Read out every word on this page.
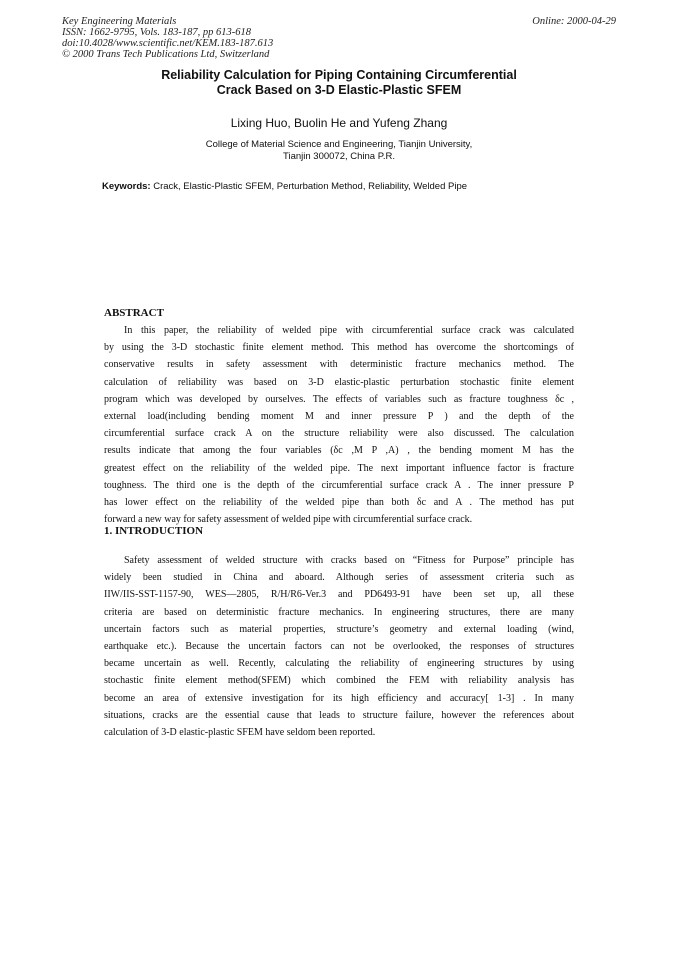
Key Engineering Materials
ISSN: 1662-9795, Vols. 183-187, pp 613-618
doi:10.4028/www.scientific.net/KEM.183-187.613
© 2000 Trans Tech Publications Ltd, Switzerland
Online: 2000-04-29
Reliability Calculation for Piping Containing Circumferential
Crack Based on 3-D Elastic-Plastic SFEM
Lixing Huo, Buolin He and Yufeng Zhang
College of Material Science and Engineering, Tianjin University,
Tianjin 300072, China P.R.
Keywords: Crack, Elastic-Plastic SFEM, Perturbation Method, Reliability, Welded Pipe
ABSTRACT
In this paper, the reliability of welded pipe with circumferential surface crack was calculated
by using the 3-D stochastic finite element method. This method has overcome the shortcomings of
conservative results in safety assessment with deterministic fracture mechanics method. The
calculation of reliability was based on 3-D elastic-plastic perturbation stochastic finite element
program which was developed by ourselves. The effects of variables such as fracture toughness δc ,
external load(including bending moment M and inner pressure P ) and the depth of the
circumferential surface crack A on the structure reliability were also discussed. The calculation
results indicate that among the four variables (δc ,M P ,A) , the bending moment M has the
greatest effect on the reliability of the welded pipe. The next important influence factor is fracture
toughness. The third one is the depth of the circumferential surface crack A . The inner pressure P
has lower effect on the reliability of the welded pipe than both δc and A . The method has put
forward a new way for safety assessment of welded pipe with circumferential surface crack.
1. INTRODUCTION
Safety assessment of welded structure with cracks based on “Fitness for Purpose” principle has
widely been studied in China and aboard. Although series of assessment criteria such as
IIW/IIS-SST-1157-90, WES—2805, R/H/R6-Ver.3 and PD6493-91 have been set up, all these
criteria are based on deterministic fracture mechanics. In engineering structures, there are many
uncertain factors such as material properties, structure’s geometry and external loading (wind,
earthquake etc.). Because the uncertain factors can not be overlooked, the responses of structures
became uncertain as well. Recently, calculating the reliability of engineering structures by using
stochastic finite element method(SFEM) which combined the FEM with reliability analysis has
become an area of extensive investigation for its high efficiency and accuracy[ 1-3] . In many
situations, cracks are the essential cause that leads to structure failure, however the references about
calculation of 3-D elastic-plastic SFEM have seldom been reported.
